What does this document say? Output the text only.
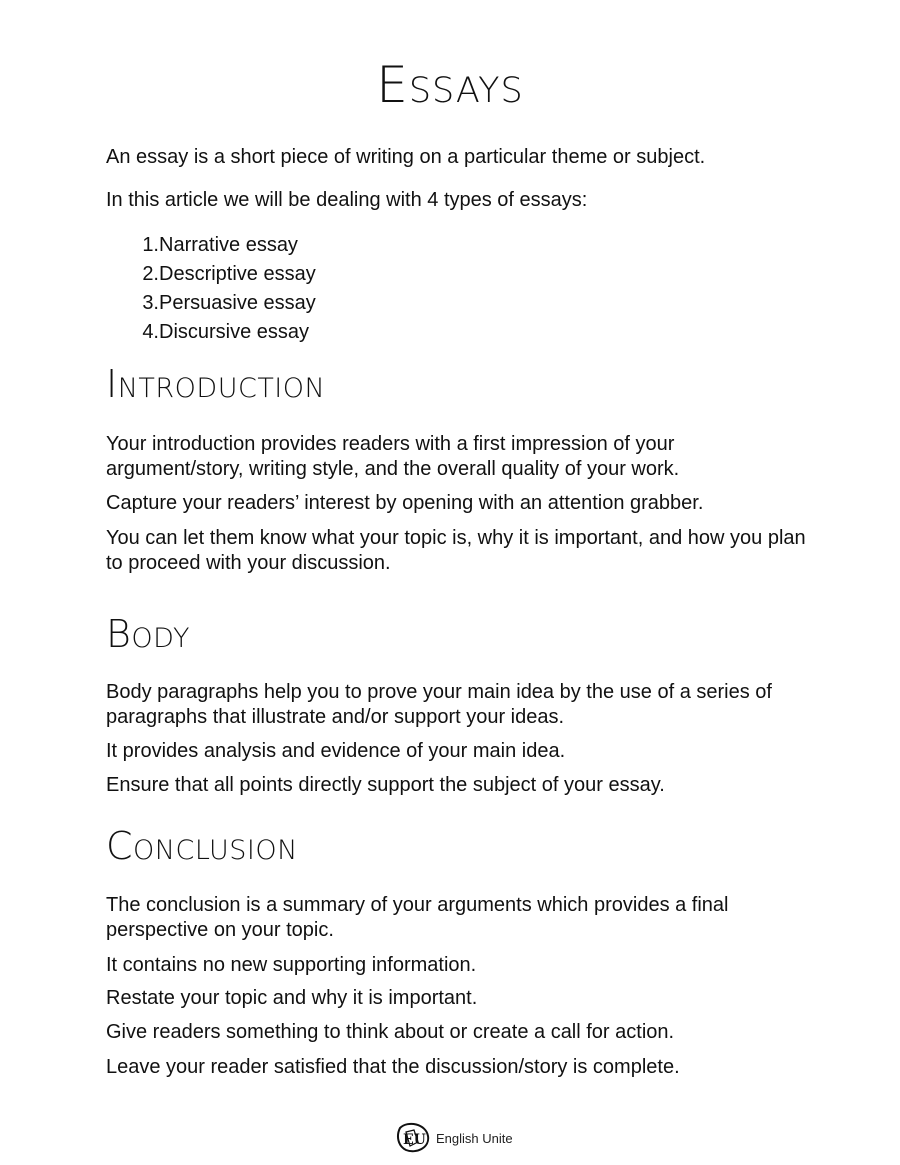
Essays

An essay is a short piece of writing on a particular theme or subject.

In this article we will be dealing with 4 types of essays:

1. Narrative essay
2. Descriptive essay
3. Persuasive essay
4. Discursive essay
Introduction

Your introduction provides readers with a first impression of your argument/story, writing style, and the overall quality of your work.

Capture your readers’ interest by opening with an attention grabber.

You can let them know what your topic is, why it is important, and how you plan to proceed with your discussion.

Body

Body paragraphs help you to prove your main idea by the use of a series of paragraphs that illustrate and/or support your ideas.

It provides analysis and evidence of your main idea.

Ensure that all points directly support the subject of your essay.

Conclusion

The conclusion is a summary of your arguments which provides a final perspective on your topic.

It contains no new supporting information.

Restate your topic and why it is important.

Give readers something to think about or create a call for action.

Leave your reader satisfied that the discussion/story is complete.

EU English Unite
